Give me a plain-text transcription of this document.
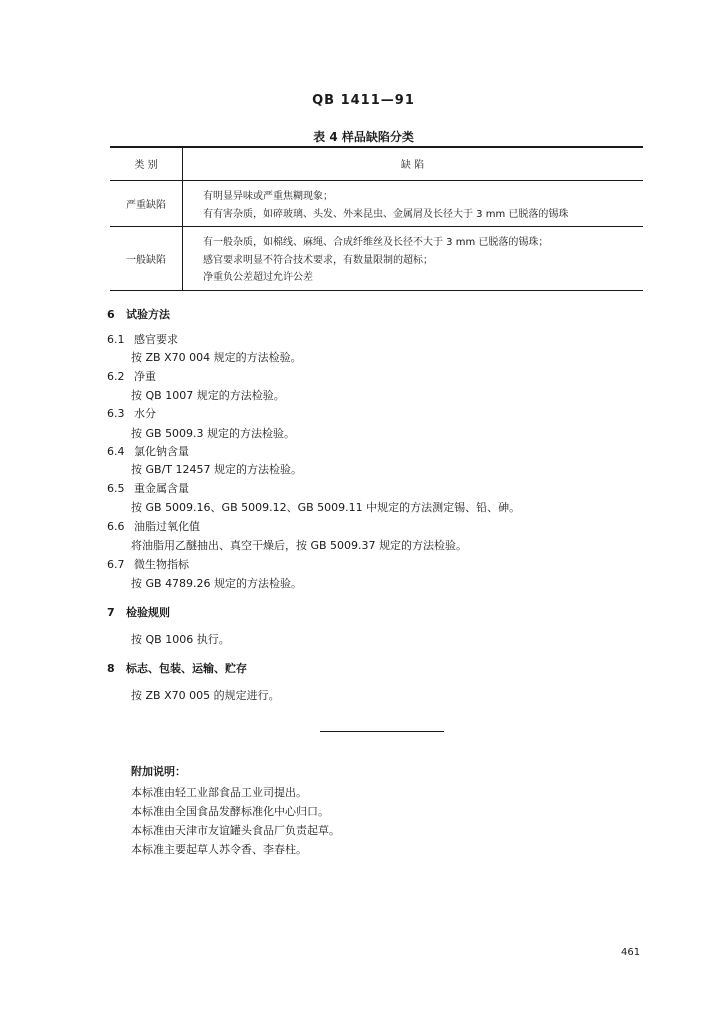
QB 1411—91
表 4 样品缺陷分类
类 别	缺 陷
严重缺陷
有明显异味或严重焦糊现象；
有有害杂质，如碎玻璃、头发、外来昆虫、金属屑及长径大于 3 mm 已脱落的锡珠
一般缺陷
有一般杂质，如棉线、麻绳、合成纤维丝及长径不大于 3 mm 已脱落的锡珠；
感官要求明显不符合技术要求，有数量限制的超标；
净重负公差超过允许公差
6 试验方法
6.1 感官要求
按 ZB X70 004 规定的方法检验。
6.2 净重
按 QB 1007 规定的方法检验。
6.3 水分
按 GB 5009.3 规定的方法检验。
6.4 氯化钠含量
按 GB/T 12457 规定的方法检验。
6.5 重金属含量
按 GB 5009.16、GB 5009.12、GB 5009.11 中规定的方法测定锡、铅、砷。
6.6 油脂过氧化值
将油脂用乙醚抽出、真空干燥后，按 GB 5009.37 规定的方法检验。
6.7 微生物指标
按 GB 4789.26 规定的方法检验。
7 检验规则
按 QB 1006 执行。
8 标志、包装、运输、贮存
按 ZB X70 005 的规定进行。
附加说明：
本标准由轻工业部食品工业司提出。
本标准由全国食品发酵标准化中心归口。
本标准由天津市友谊罐头食品厂负责起草。
本标准主要起草人苏令香、李春柱。
461
